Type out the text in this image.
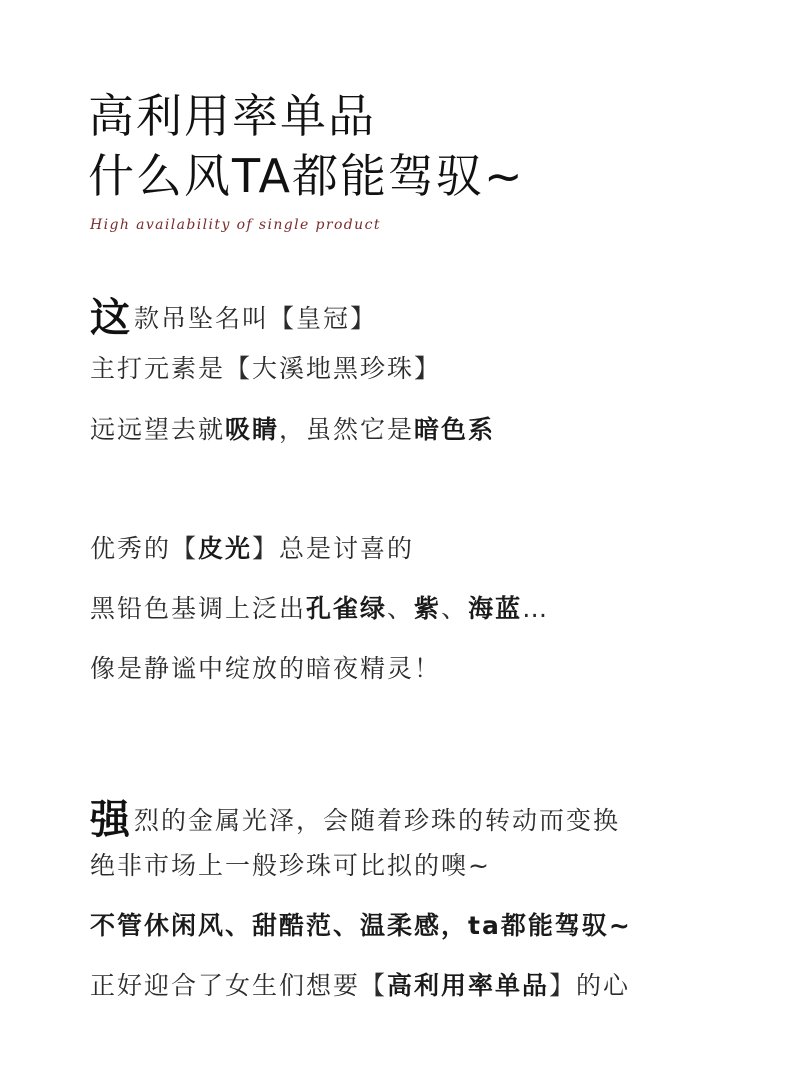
高利用率单品
什么风TA都能驾驭~
High availability of single product
这款吊坠名叫【皇冠】
主打元素是【大溪地黑珍珠】
远远望去就吸睛，虽然它是暗色系
优秀的【皮光】总是讨喜的
黑铅色基调上泛出孔雀绿、紫、海蓝…
像是静谧中绽放的暗夜精灵！
强烈的金属光泽，会随着珍珠的转动而变换
绝非市场上一般珍珠可比拟的噢~
不管休闲风、甜酷范、温柔感，ta都能驾驭~
正好迎合了女生们想要【高利用率单品】的心
